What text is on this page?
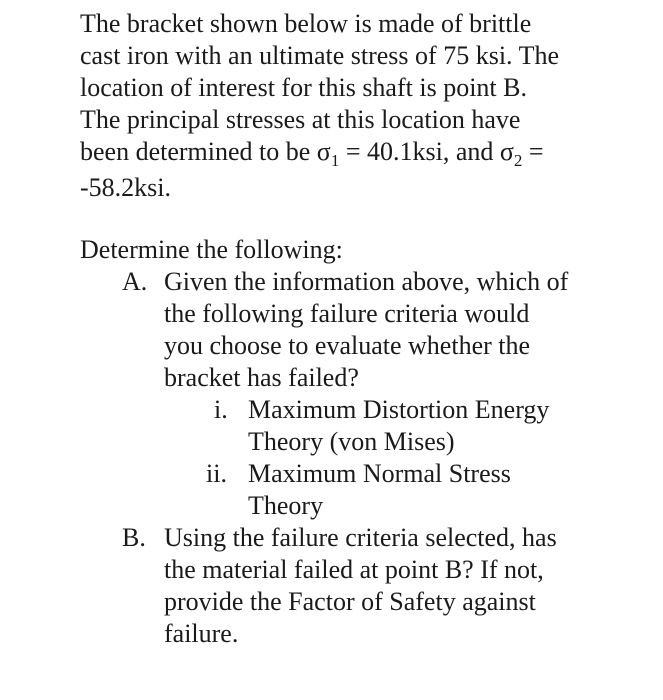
The bracket shown below is made of brittle
cast iron with an ultimate stress of 75 ksi. The
location of interest for this shaft is point B.
The principal stresses at this location have
been determined to be $\sigma_1 = 40.1ksi$, and $\sigma_2$ =
-58.2ksi.
Determine the following:
A. Given the information above, which of
the following failure criteria would
you choose to evaluate whether the
bracket has failed?
i. Maximum Distortion Energy
Theory (von Mises)
ii. Maximum Normal Stress
Theory
B. Using the failure criteria selected, has
the material failed at point B? If not,
provide the Factor of Safety against
failure.
